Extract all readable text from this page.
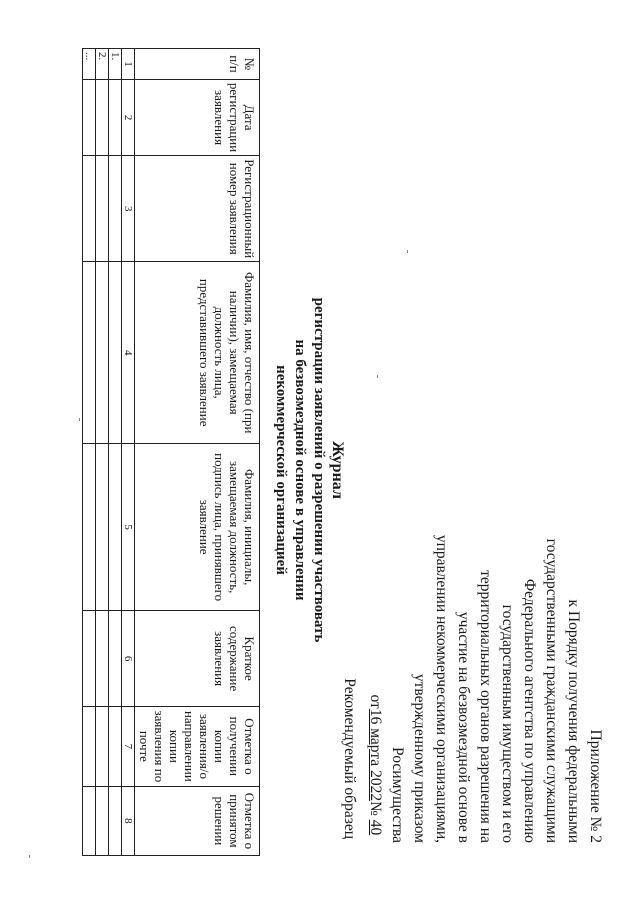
Приложение № 2
к Порядку получения федеральными
государственными гражданскими служащими
Федерального агентства по управлению
государственным имуществом и его
территориальных органов разрешения на
участие на безвозмездной основе в
управлении некоммерческими организациями,
утвержденному приказом
Росимущества
от16 марта 2022№ 40
Рекомендуемый образец
Журнал
регистрации заявлений о разрешении участвовать
на безвозмездной основе в управлении
некоммерческой организацией
№ п/п	Дата регистрации заявления	Регистрационный номер заявления	Фамилия, имя, отчество (при наличии), замещаемая должность лица, представившего заявление	Фамилия, инициалы, замещаемая должность, подпись лица, принявшего заявление	Краткое содержание заявления	Отметка о получении копии заявления/о направлении копии заявления по почте	Отметка о принятом решении
1	2	3	4	5	6	7	8
1.							
2.							
...							
